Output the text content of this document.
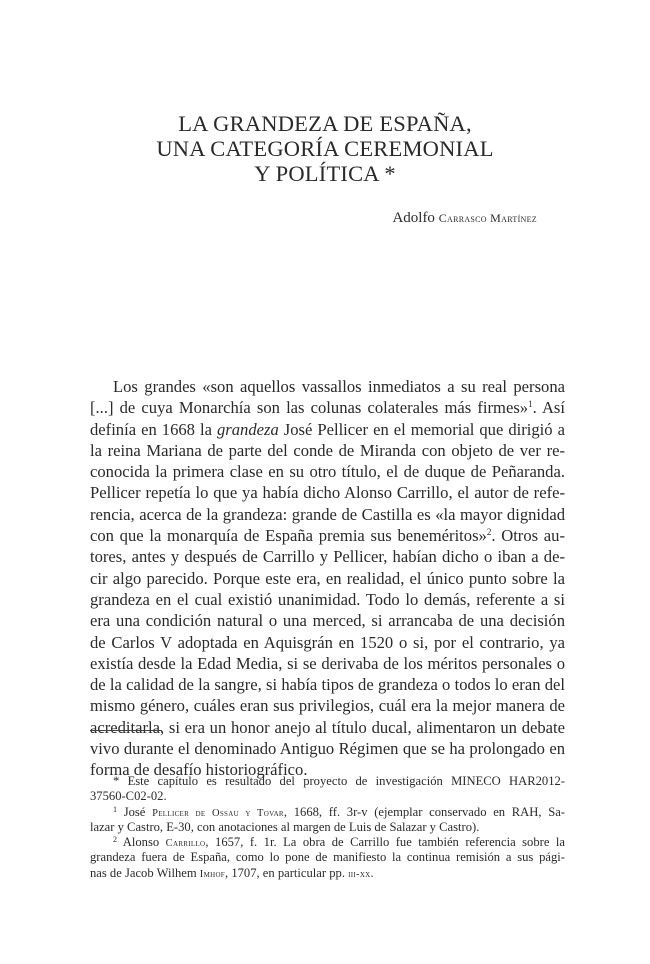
LA GRANDEZA DE ESPAÑA,
UNA CATEGORÍA CEREMONIAL
Y POLÍTICA *
Adolfo Carrasco Martínez
Los grandes «son aquellos vassallos inmediatos a su real persona
[...] de cuya Monarchía son las colunas colaterales más firmes»$^1$. Así
definía en 1668 la grandeza José Pellicer en el memorial que dirigió a
la reina Mariana de parte del conde de Miranda con objeto de ver re-
conocida la primera clase en su otro título, el de duque de Peñaranda.
Pellicer repetía lo que ya había dicho Alonso Carrillo, el autor de refe-
rencia, acerca de la grandeza: grande de Castilla es «la mayor dignidad
con que la monarquía de España premia sus beneméritos»$^2$. Otros au-
tores, antes y después de Carrillo y Pellicer, habían dicho o iban a de-
cir algo parecido. Porque este era, en realidad, el único punto sobre la
grandeza en el cual existió unanimidad. Todo lo demás, referente a si
era una condición natural o una merced, si arrancaba de una decisión
de Carlos V adoptada en Aquisgrán en 1520 o si, por el contrario, ya
existía desde la Edad Media, si se derivaba de los méritos personales o
de la calidad de la sangre, si había tipos de grandeza o todos lo eran del
mismo género, cuáles eran sus privilegios, cuál era la mejor manera de
acreditarla, si era un honor anejo al título ducal, alimentaron un debate
vivo durante el denominado Antiguo Régimen que se ha prolongado en
forma de desafío historiográfico.
* Este capítulo es resultado del proyecto de investigación MINECO HAR2012-
37560-C02-02.
$^1$ José Pellicer de Ossau y Tovar, 1668, ff. 3r-v (ejemplar conservado en RAH, Sa-
lazar y Castro, E-30, con anotaciones al margen de Luis de Salazar y Castro).
$^2$ Alonso Carrillo, 1657, f. 1r. La obra de Carrillo fue también referencia sobre la
grandeza fuera de España, como lo pone de manifiesto la continua remisión a sus pági-
nas de Jacob Wilhem Imhof, 1707, en particular pp. iii-xx.
